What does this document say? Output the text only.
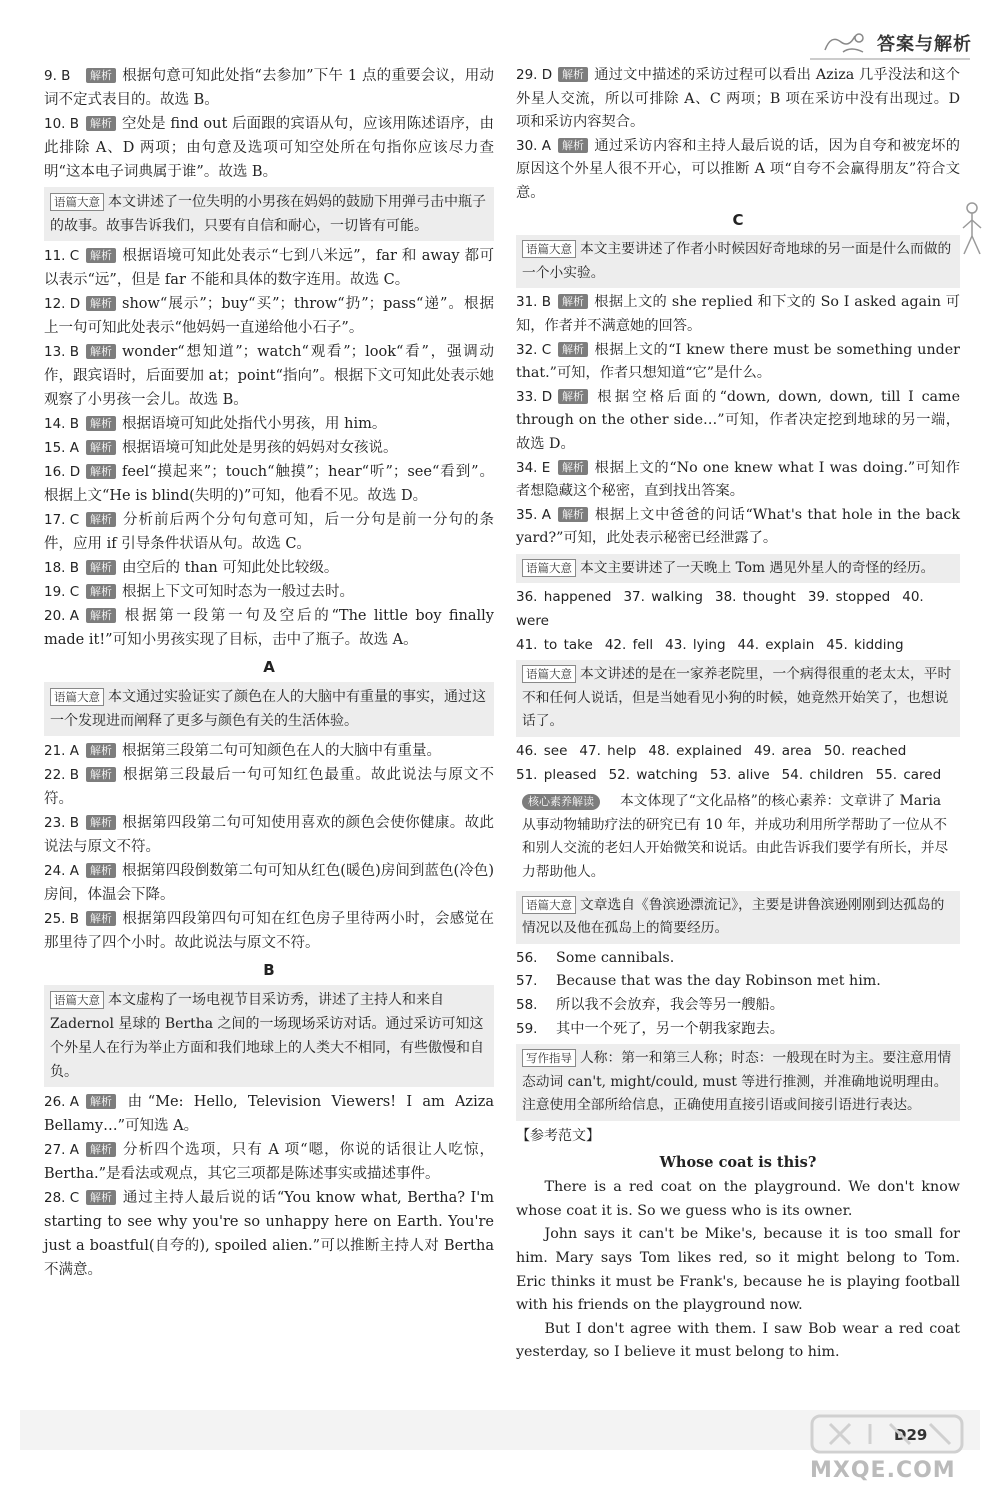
答案与解析
9. B 解析 根据句意可知此处指“去参加”下午 1 点的重要会议，用动词不定式表目的。故选 B。
10. B 解析 空处是 find out 后面跟的宾语从句，应该用陈述语序，由此排除 A、D 两项；由句意及选项可知空处所在句指你应该尽力查明“这本电子词典属于谁”。故选 B。
语篇大意 本文讲述了一位失明的小男孩在妈妈的鼓励下用弹弓击中瓶子的故事。故事告诉我们，只要有自信和耐心，一切皆有可能。
11. C 解析 根据语境可知此处表示“七到八米远”，far 和 away 都可以表示“远”，但是 far 不能和具体的数字连用。故选 C。
12. D 解析 show“展示”；buy“买”；throw“扔”；pass“递”。根据上一句可知此处表示“他妈妈一直递给他小石子”。
13. B 解析 wonder“想知道”；watch“观看”；look“看”，强调动作，跟宾语时，后面要加 at；point“指向”。根据下文可知此处表示她观察了小男孩一会儿。故选 B。
14. B 解析 根据语境可知此处指代小男孩，用 him。
15. A 解析 根据语境可知此处是男孩的妈妈对女孩说。
16. D 解析 feel“摸起来”；touch“触摸”；hear“听”；see“看到”。根据上文“He is blind(失明的)”可知，他看不见。故选 D。
17. C 解析 分析前后两个分句句意可知，后一分句是前一分句的条件，应用 if 引导条件状语从句。故选 C。
18. B 解析 由空后的 than 可知此处比较级。
19. C 解析 根据上下文可知时态为一般过去时。
20. A 解析 根据第一段第一句及空后的“The little boy finally made it!”可知小男孩实现了目标，击中了瓶子。故选 A。
A
语篇大意 本文通过实验证实了颜色在人的大脑中有重量的事实，通过这一个发现进而阐释了更多与颜色有关的生活体验。
21. A 解析 根据第三段第二句可知颜色在人的大脑中有重量。
22. B 解析 根据第三段最后一句可知红色最重。故此说法与原文不符。
23. B 解析 根据第四段第二句可知使用喜欢的颜色会使你健康。故此说法与原文不符。
24. A 解析 根据第四段倒数第二句可知从红色(暖色)房间到蓝色(冷色)房间，体温会下降。
25. B 解析 根据第四段第四句可知在红色房子里待两小时，会感觉在那里待了四个小时。故此说法与原文不符。
B
语篇大意 本文虚构了一场电视节目采访秀，讲述了主持人和来自 Zadernol 星球的 Bertha 之间的一场现场采访对话。通过采访可知这个外星人在行为举止方面和我们地球上的人类大不相同，有些傲慢和自负。
26. A 解析 由“Me: Hello, Television Viewers! I am Aziza Bellamy…”可知选 A。
27. A 解析 分析四个选项，只有 A 项“嗯，你说的话很让人吃惊，Bertha.”是看法或观点，其它三项都是陈述事实或描述事件。
28. C 解析 通过主持人最后说的话“You know what, Bertha? I'm starting to see why you're so unhappy here on Earth. You're just a boastful(自夸的), spoiled alien.”可以推断主持人对 Bertha 不满意。
29. D 解析 通过文中描述的采访过程可以看出 Aziza 几乎没法和这个外星人交流，所以可排除 A、C 两项；B 项在采访中没有出现过。D 项和采访内容契合。
30. A 解析 通过采访内容和主持人最后说的话，因为自夸和被宠坏的原因这个外星人很不开心，可以推断 A 项“自夸不会赢得朋友”符合文意。
C
语篇大意 本文主要讲述了作者小时候因好奇地球的另一面是什么而做的一个小实验。
31. B 解析 根据上文的 she replied 和下文的 So I asked again 可知，作者并不满意她的回答。
32. C 解析 根据上文的“I knew there must be something under that.”可知，作者只想知道“它”是什么。
33. D 解析 根据空格后面的“down, down, down, till I came through on the other side…”可知，作者决定挖到地球的另一端，故选 D。
34. E 解析 根据上文的“No one knew what I was doing.”可知作者想隐藏这个秘密，直到找出答案。
35. A 解析 根据上文中爸爸的问话“What's that hole in the back yard?”可知，此处表示秘密已经泄露了。
语篇大意 本文主要讲述了一天晚上 Tom 遇见外星人的奇怪的经历。
36. happened 37. walking 38. thought 39. stopped 40. were
41. to take 42. fell 43. lying 44. explain 45. kidding
语篇大意 本文讲述的是在一家养老院里，一个病得很重的老太太，平时不和任何人说话，但是当她看见小狗的时候，她竟然开始笑了，也想说话了。
46. see 47. help 48. explained 49. area 50. reached
51. pleased 52. watching 53. alive 54. children 55. cared
核心素养解读 本文体现了“文化品格”的核心素养：文章讲了 Maria 从事动物辅助疗法的研究已有 10 年，并成功利用所学帮助了一位从不和别人交流的老妇人开始微笑和说话。由此告诉我们要学有所长，并尽力帮助他人。
语篇大意 文章选自《鲁滨逊漂流记》，主要是讲鲁滨逊刚刚到达孤岛的情况以及他在孤岛上的简要经历。
56. Some cannibals.
57. Because that was the day Robinson met him.
58. 所以我不会放弃，我会等另一艘船。
59. 其中一个死了，另一个朝我家跑去。
写作指导 人称：第一和第三人称；时态：一般现在时为主。要注意用情态动词 can't, might/could, must 等进行推测，并准确地说明理由。注意使用全部所给信息，正确使用直接引语或间接引语进行表达。
【参考范文】
Whose coat is this?
There is a red coat on the playground. We don't know whose coat it is. So we guess who is its owner.
John says it can't be Mike's, because it is too small for him. Mary says Tom likes red, so it might belong to Tom. Eric thinks it must be Frank's, because he is playing football with his friends on the playground now.
But I don't agree with them. I saw Bob wear a red coat yesterday, so I believe it must belong to him.
D29
MXQE.COM
